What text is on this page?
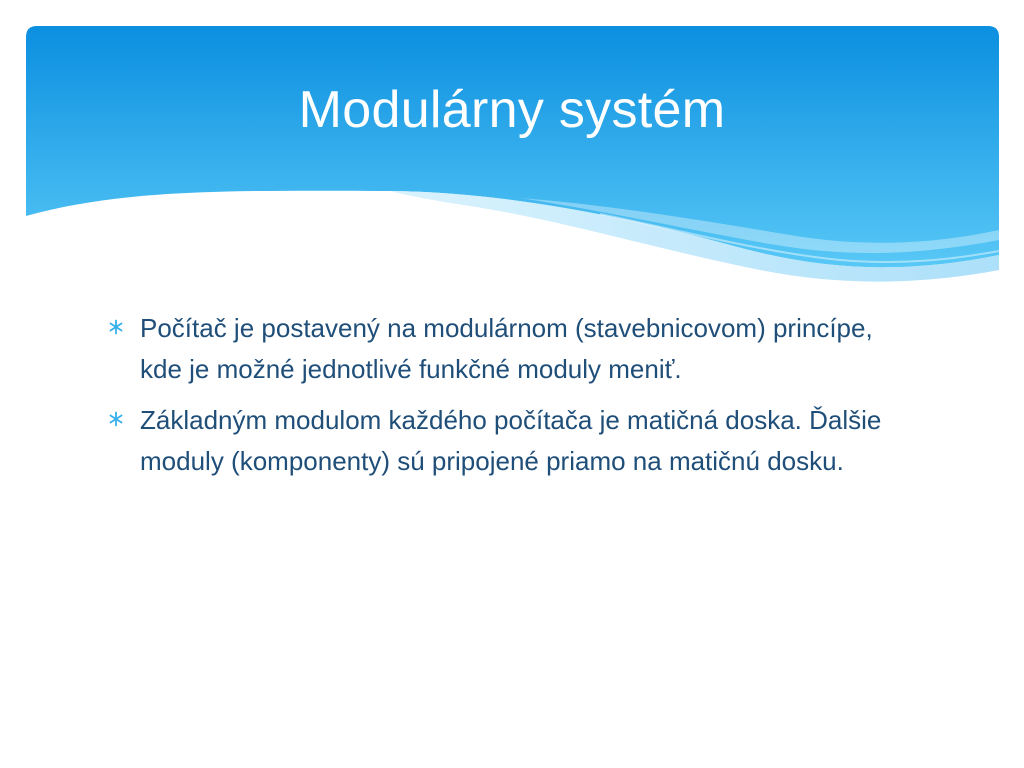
Modulárny systém
Počítač je postavený na modulárnom (stavebnicovom) princípe, kde je možné jednotlivé funkčné moduly meniť.
Základným modulom každého počítača je matičná doska. Ďalšie moduly (komponenty) sú pripojené priamo na matičnú dosku.
